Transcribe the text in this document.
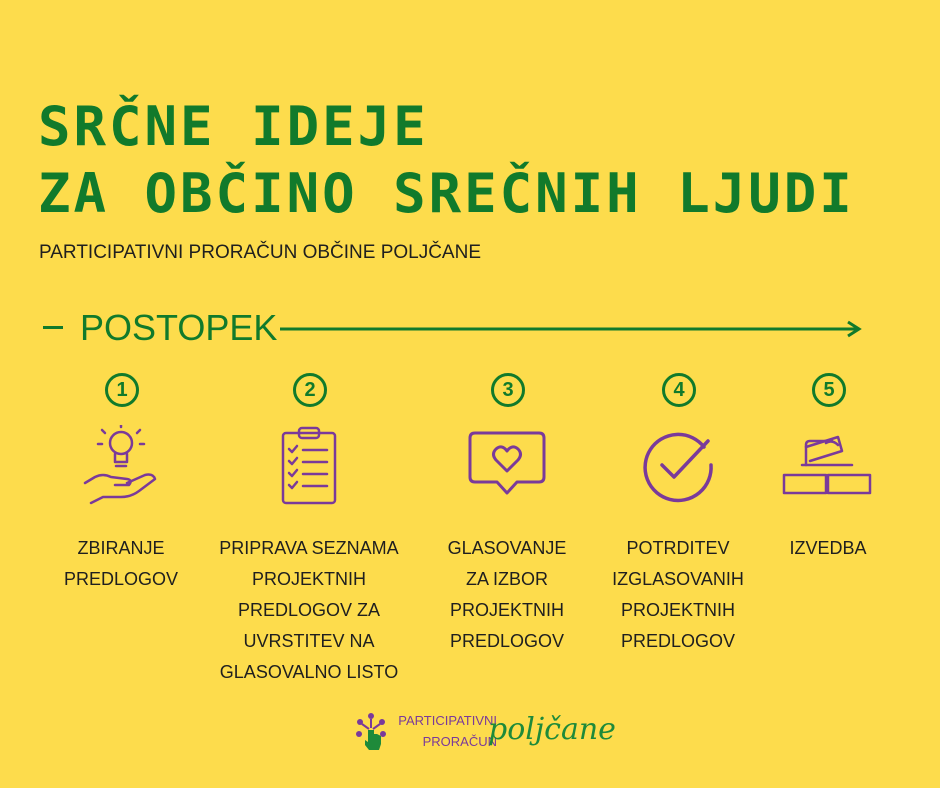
SRČNE IDEJE
ZA OBČINO SREČNIH LJUDI
PARTICIPATIVNI PRORAČUN OBČINE POLJČANE
POSTOPEK
1
ZBIRANJE
PREDLOGOV
2
PRIPRAVA SEZNAMA
PROJEKTNIH
PREDLOGOV ZA
UVRSTITEV NA
GLASOVALNO LISTO
3
GLASOVANJE
ZA IZBOR
PROJEKTNIH
PREDLOGOV
4
POTRDITEV
IZGLASOVANIH
PROJEKTNIH
PREDLOGOV
5
IZVEDBA
PARTICIPATIVNI
PRORAČUN
poljčane
